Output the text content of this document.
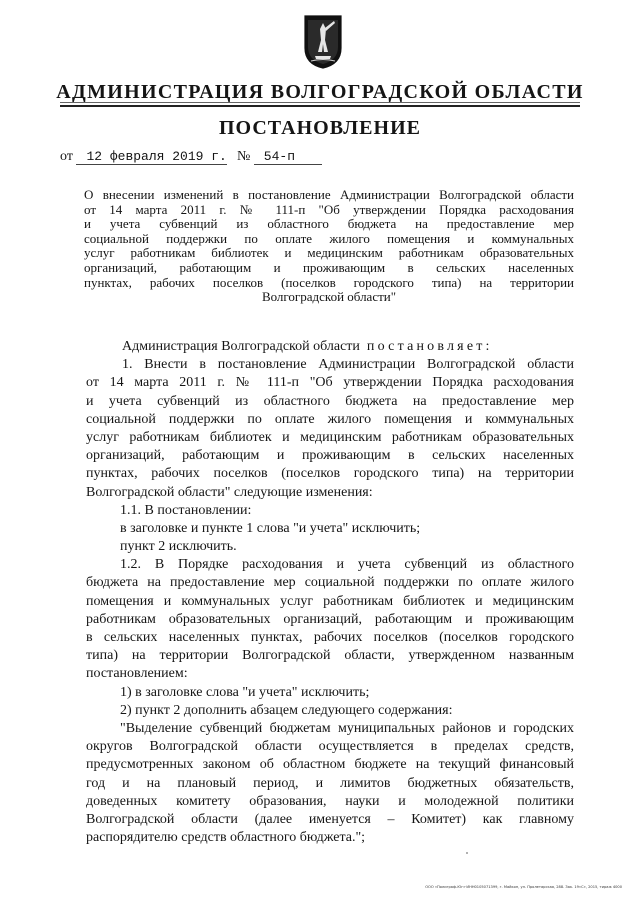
АДМИНИСТРАЦИЯ ВОЛГОГРАДСКОЙ ОБЛАСТИ
ПОСТАНОВЛЕНИЕ
от 12 февраля 2019 г. № 54-п
О внесении изменений в постановление Администрации Волгоградской области
от 14 марта 2011 г. № 111-п "Об утверждении Порядка расходования
и учета субвенций из областного бюджета на предоставление мер
социальной поддержки по оплате жилого помещения и коммунальных
услуг работникам библиотек и медицинским работникам образовательных
организаций, работающим и проживающим в сельских населенных
пунктах, рабочих поселков (поселков городского типа) на территории
Волгоградской области"
Администрация Волгоградской области постановляет:
1. Внести в постановление Администрации Волгоградской области
от 14 марта 2011 г. № 111-п "Об утверждении Порядка расходования
и учета субвенций из областного бюджета на предоставление мер
социальной поддержки по оплате жилого помещения и коммунальных
услуг работникам библиотек и медицинским работникам образовательных
организаций, работающим и проживающим в сельских населенных
пунктах, рабочих поселков (поселков городского типа) на территории
Волгоградской области" следующие изменения:
1.1. В постановлении:
в заголовке и пункте 1 слова "и учета" исключить;
пункт 2 исключить.
1.2. В Порядке расходования и учета субвенций из областного
бюджета на предоставление мер социальной поддержки по оплате жилого
помещения и коммунальных услуг работникам библиотек и медицинским
работникам образовательных организаций, работающим и проживающим
в сельских населенных пунктах, рабочих поселков (поселков городского
типа) на территории Волгоградской области, утвержденном названным
постановлением:
1) в заголовке слова "и учета" исключить;
2) пункт 2 дополнить абзацем следующего содержания:
"Выделение субвенций бюджетам муниципальных районов и городских
округов Волгоградской области осуществляется в пределах средств,
предусмотренных законом об областном бюджете на текущий финансовый
год и на плановый период, и лимитов бюджетных обязательств,
доведенных комитету образования, науки и молодежной политики
Волгоградской области (далее именуется – Комитет) как главному
распорядителю средств областного бюджета.";
ООО «Полиграф-Юг»·ИНН0105071399, г. Майкоп, ул. Пролетарская, 288. Зак. 19«С», 2015, тираж 4000
